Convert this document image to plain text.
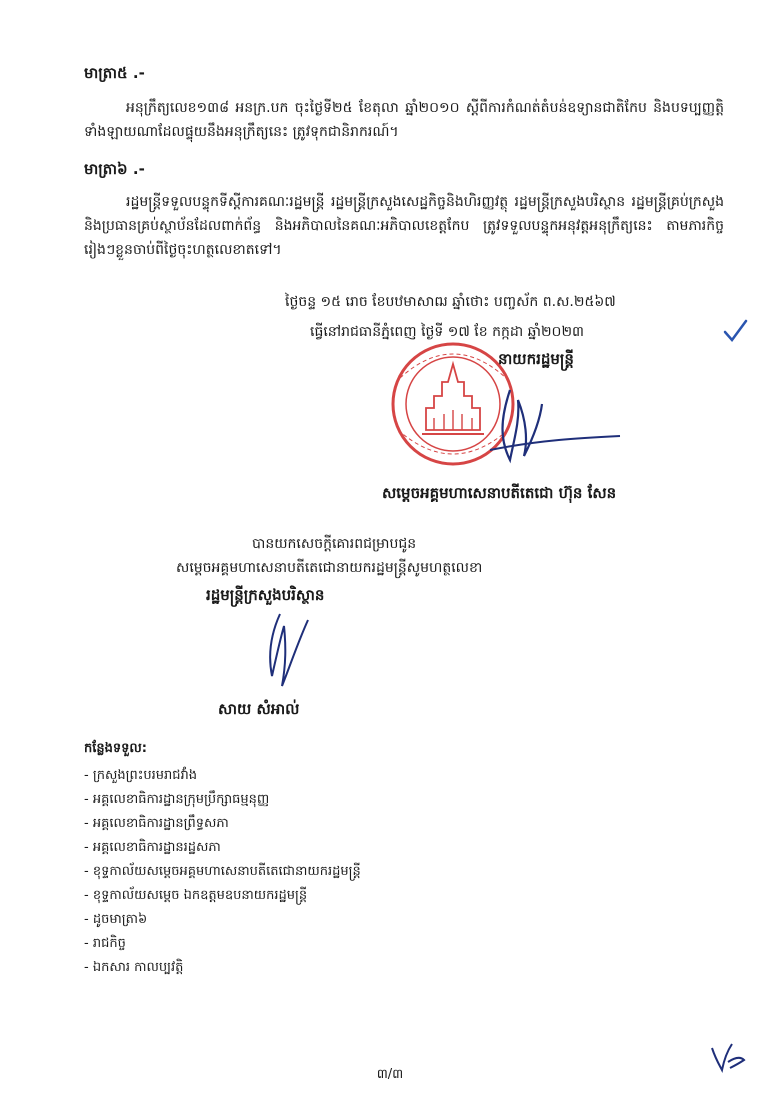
មាត្រា៥ .-
អនុក្រឹត្យលេខ១៣៨ អនក្រ.បក ចុះថ្ងៃទី២៥ ខែតុលា ឆ្នាំ២០១០ ស្ដីពីការកំណត់តំបន់ឧទ្យានជាតិកែប និងបទប្បញ្ញត្តិទាំងឡាយណាដែលផ្ទុយនឹងអនុក្រឹត្យនេះ ត្រូវទុកជានិរាករណ៍។
មាត្រា៦ .-
រដ្ឋមន្ត្រីទទួលបន្ទុកទីស្ដីការគណៈរដ្ឋមន្ត្រី រដ្ឋមន្ត្រីក្រសួងសេដ្ឋកិច្ចនិងហិរញ្ញវត្ថុ រដ្ឋមន្ត្រីក្រសួងបរិស្ថាន រដ្ឋមន្ត្រីគ្រប់ក្រសួងនិងប្រធានគ្រប់ស្ថាប័នដែលពាក់ព័ន្ធ និងអភិបាលនៃគណៈអភិបាលខេត្តកែប ត្រូវទទួលបន្ទុកអនុវត្តអនុក្រឹត្យនេះ តាមភារកិច្ចរៀងៗខ្លួនចាប់ពីថ្ងៃចុះហត្ថលេខាតទៅ។
ថ្ងៃចន្ទ ១៥ រោច ខែបឋមាសាឍ ឆ្នាំថោះ បញ្ចស័ក ព.ស.២៥៦៧
ធ្វើនៅរាជធានីភ្នំពេញ ថ្ងៃទី ១៧ ខែ កក្កដា ឆ្នាំ២០២៣
នាយករដ្ឋមន្ត្រី
សម្ដេចអគ្គមហាសេនាបតីតេជោ ហ៊ុន សែន
បានយកសេចក្ដីគោរពជម្រាបជូន
សម្ដេចអគ្គមហាសេនាបតីតេជោនាយករដ្ឋមន្ត្រីសូមហត្ថលេខា
រដ្ឋមន្ត្រីក្រសួងបរិស្ថាន
សាយ សំអាល់
កន្លែងទទួល:
- ក្រសួងព្រះបរមរាជវាំង
- អគ្គលេខាធិការដ្ឋានក្រុមប្រឹក្សាធម្មនុញ្ញ
- អគ្គលេខាធិការដ្ឋានព្រឹទ្ធសភា
- អគ្គលេខាធិការដ្ឋានរដ្ឋសភា
- ខុទ្ទកាល័យសម្ដេចអគ្គមហាសេនាបតីតេជោនាយករដ្ឋមន្ត្រី
- ខុទ្ទកាល័យសម្ដេច ឯកឧត្តមឧបនាយករដ្ឋមន្ត្រី
- ដូចមាត្រា៦
- រាជកិច្ច
- ឯកសារ កាលប្បវត្តិ
៣/៣
